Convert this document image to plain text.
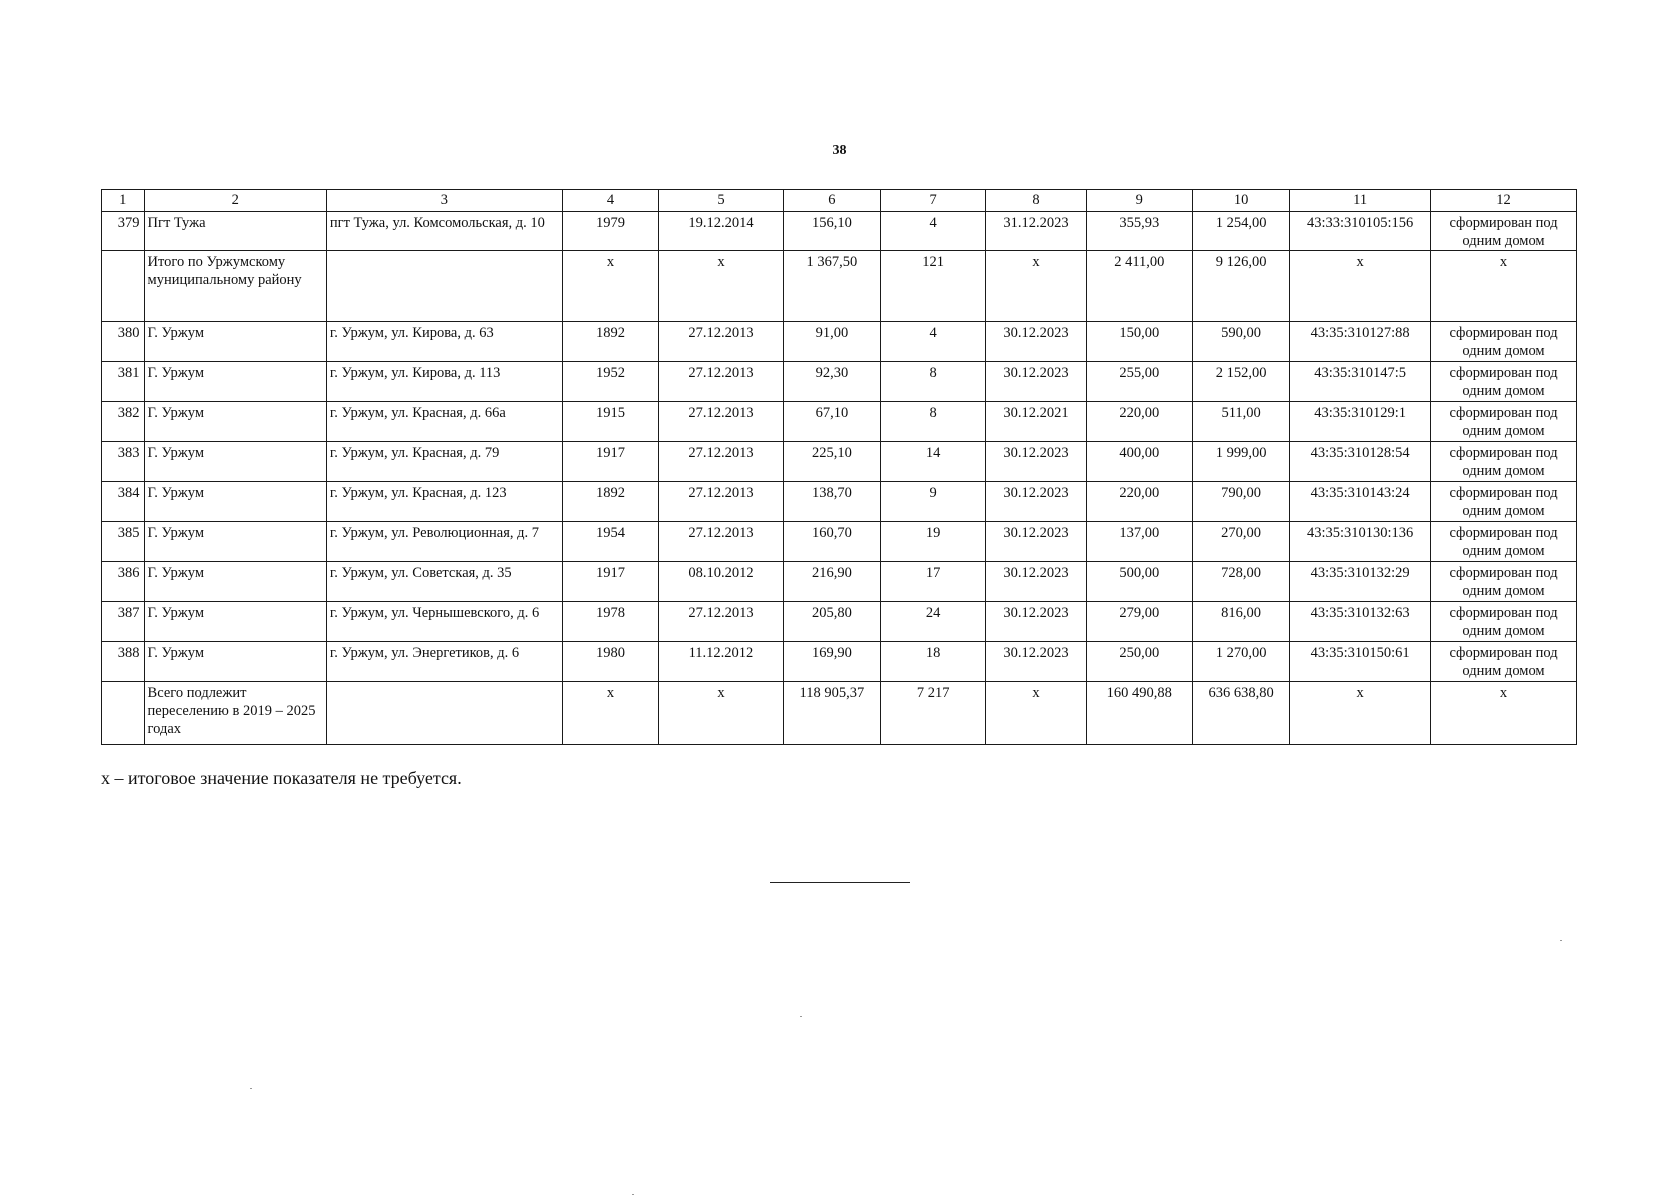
38
1	2	3	4	5	6	7	8	9	10	11	12
379	Пгт Тужа	пгт Тужа, ул. Комсомольская, д. 10	1979	19.12.2014	156,10	4	31.12.2023	355,93	1 254,00	43:33:310105:156	сформирован под одним домом
	Итого по Уржумскому муниципальному району		x	x	1 367,50	121	x	2 411,00	9 126,00	x	x
380	Г. Уржум	г. Уржум, ул. Кирова, д. 63	1892	27.12.2013	91,00	4	30.12.2023	150,00	590,00	43:35:310127:88	сформирован под одним домом
381	Г. Уржум	г. Уржум, ул. Кирова, д. 113	1952	27.12.2013	92,30	8	30.12.2023	255,00	2 152,00	43:35:310147:5	сформирован под одним домом
382	Г. Уржум	г. Уржум, ул. Красная, д. 66а	1915	27.12.2013	67,10	8	30.12.2021	220,00	511,00	43:35:310129:1	сформирован под одним домом
383	Г. Уржум	г. Уржум, ул. Красная, д. 79	1917	27.12.2013	225,10	14	30.12.2023	400,00	1 999,00	43:35:310128:54	сформирован под одним домом
384	Г. Уржум	г. Уржум, ул. Красная, д. 123	1892	27.12.2013	138,70	9	30.12.2023	220,00	790,00	43:35:310143:24	сформирован под одним домом
385	Г. Уржум	г. Уржум, ул. Революционная, д. 7	1954	27.12.2013	160,70	19	30.12.2023	137,00	270,00	43:35:310130:136	сформирован под одним домом
386	Г. Уржум	г. Уржум, ул. Советская, д. 35	1917	08.10.2012	216,90	17	30.12.2023	500,00	728,00	43:35:310132:29	сформирован под одним домом
387	Г. Уржум	г. Уржум, ул. Чернышевского, д. 6	1978	27.12.2013	205,80	24	30.12.2023	279,00	816,00	43:35:310132:63	сформирован под одним домом
388	Г. Уржум	г. Уржум, ул. Энергетиков, д. 6	1980	11.12.2012	169,90	18	30.12.2023	250,00	1 270,00	43:35:310150:61	сформирован под одним домом
	Всего подлежит переселению в 2019 – 2025 годах		x	x	118 905,37	7 217	x	160 490,88	636 638,80	x	x
x – итоговое значение показателя не требуется.
